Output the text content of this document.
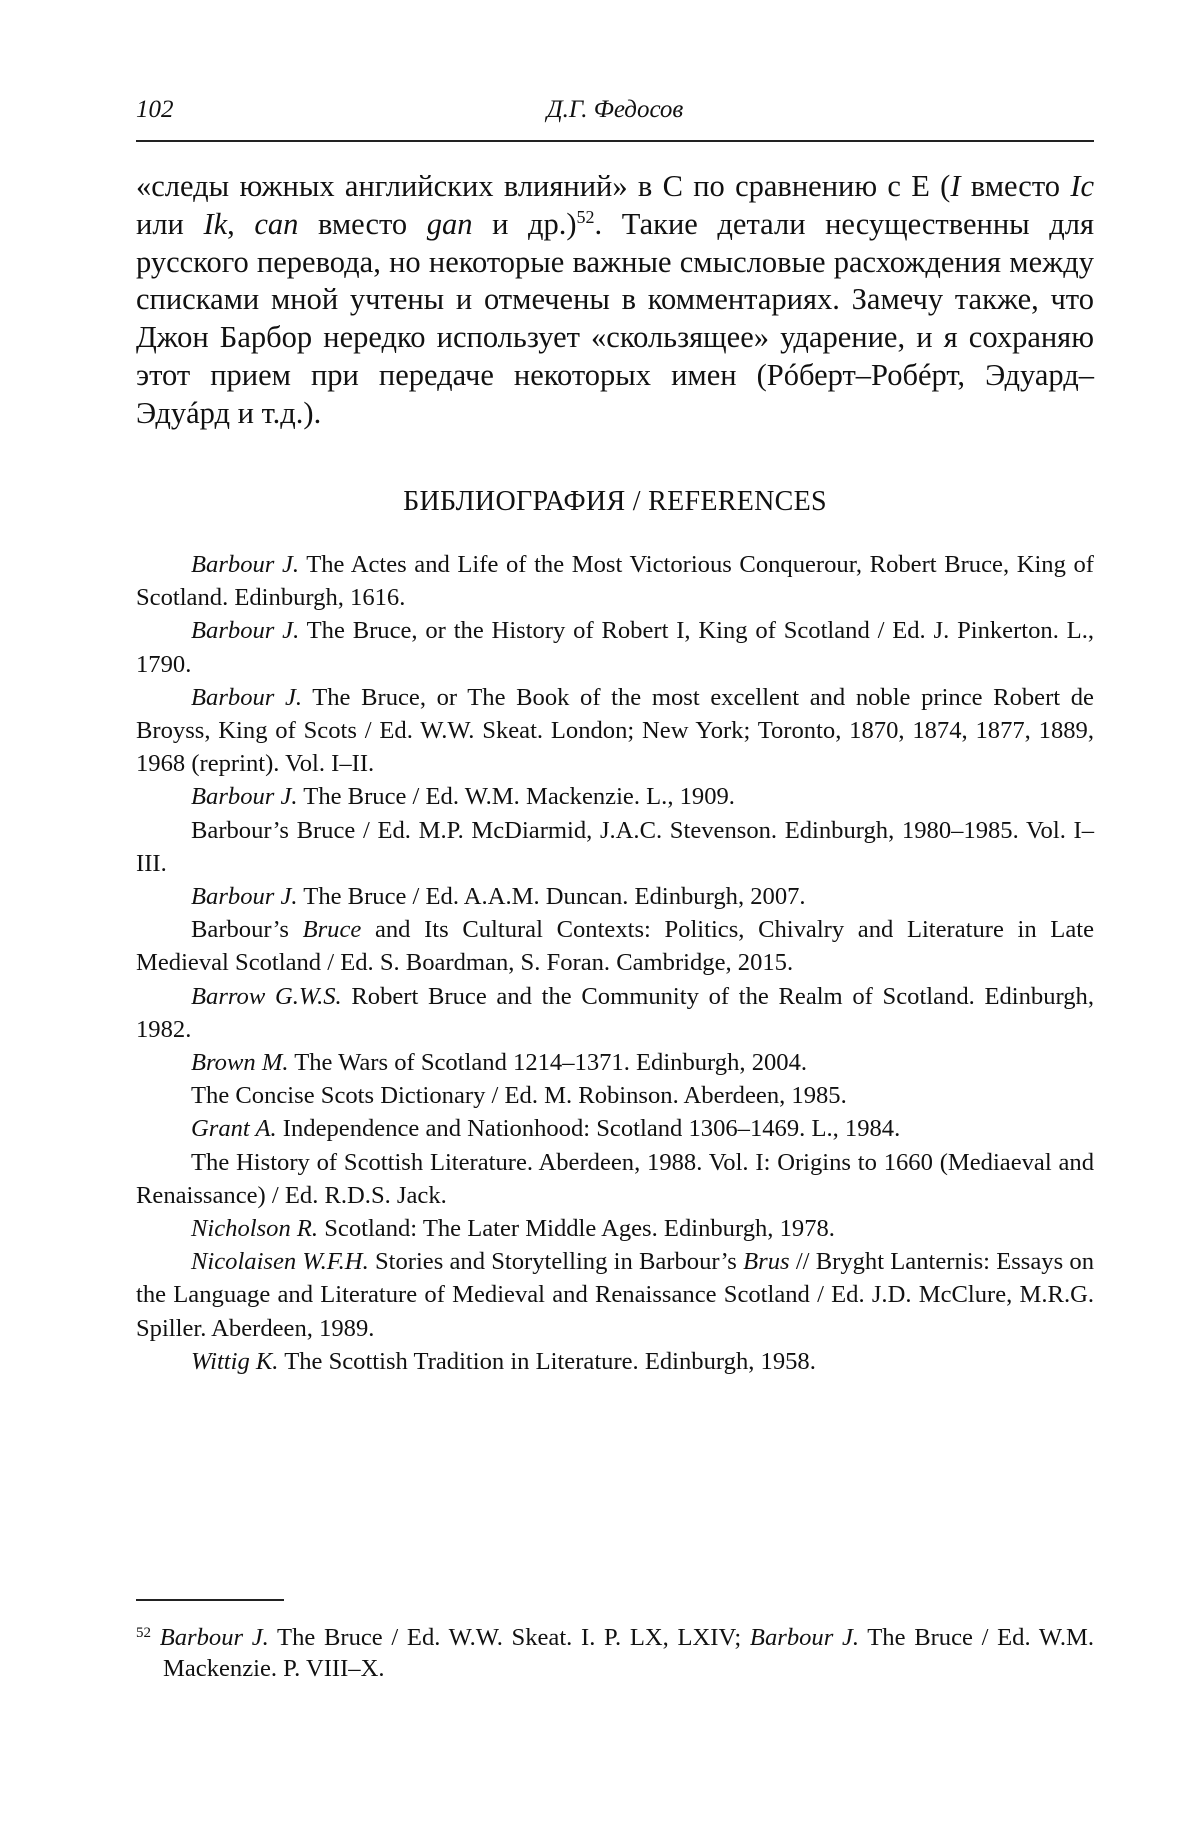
102	Д.Г. Федосов

«следы южных английских влияний» в C по сравнению с E (I вместо Ic или Ik, can вместо gan и др.)52. Такие детали несущественны для русского перевода, но некоторые важные смысловые расхождения между списками мной учтены и отмечены в комментариях. Замечу также, что Джон Барбор нередко использует «скользящее» ударение, и я сохраняю этот прием при передаче некоторых имен (Рóберт–Робéрт, Эдуард–Эдуáрд и т.д.).

БИБЛИОГРАФИЯ / REFERENCES

Barbour J. The Actes and Life of the Most Victorious Conquerour, Robert Bruce, King of Scotland. Edinburgh, 1616.

Barbour J. The Bruce, or the History of Robert I, King of Scotland / Ed. J. Pinkerton. L., 1790.

Barbour J. The Bruce, or The Book of the most excellent and noble prince Robert de Broyss, King of Scots / Ed. W.W. Skeat. London; New York; Toronto, 1870, 1874, 1877, 1889, 1968 (reprint). Vol. I–II.

Barbour J. The Bruce / Ed. W.M. Mackenzie. L., 1909.

Barbour’s Bruce / Ed. M.P. McDiarmid, J.A.C. Stevenson. Edinburgh, 1980–1985. Vol. I–III.

Barbour J. The Bruce / Ed. A.A.M. Duncan. Edinburgh, 2007.

Barbour’s Bruce and Its Cultural Contexts: Politics, Chivalry and Literature in Late Medieval Scotland / Ed. S. Boardman, S. Foran. Cambridge, 2015.

Barrow G.W.S. Robert Bruce and the Community of the Realm of Scotland. Edinburgh, 1982.

Brown M. The Wars of Scotland 1214–1371. Edinburgh, 2004.

The Concise Scots Dictionary / Ed. M. Robinson. Aberdeen, 1985.

Grant A. Independence and Nationhood: Scotland 1306–1469. L., 1984.

The History of Scottish Literature. Aberdeen, 1988. Vol. I: Origins to 1660 (Mediaeval and Renaissance) / Ed. R.D.S. Jack.

Nicholson R. Scotland: The Later Middle Ages. Edinburgh, 1978.

Nicolaisen W.F.H. Stories and Storytelling in Barbour’s Brus // Bryght Lanternis: Essays on the Language and Literature of Medieval and Renaissance Scotland / Ed. J.D. McClure, M.R.G. Spiller. Aberdeen, 1989.

Wittig K. The Scottish Tradition in Literature. Edinburgh, 1958.

52 Barbour J. The Bruce / Ed. W.W. Skeat. I. P. LX, LXIV; Barbour J. The Bruce / Ed. W.M. Mackenzie. P. VIII–X.
